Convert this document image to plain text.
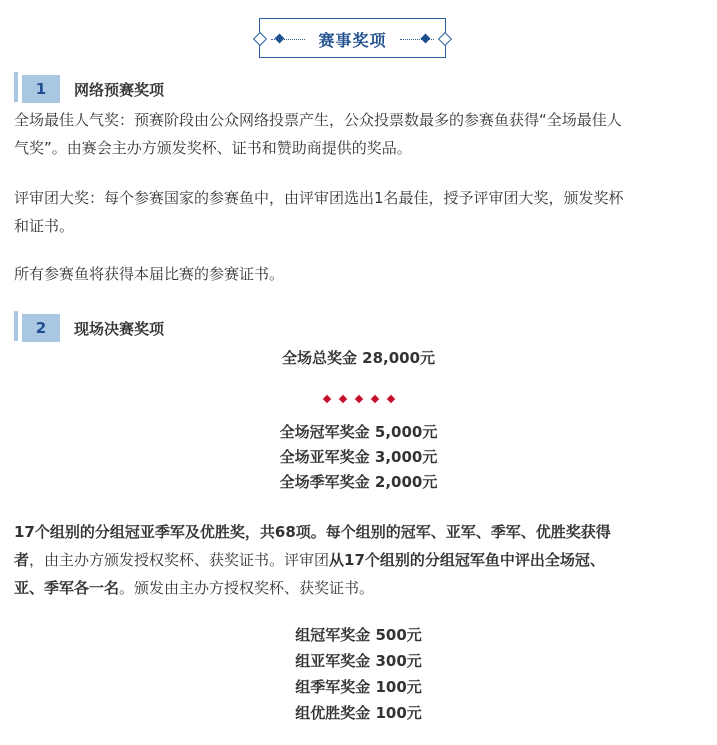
赛事奖项
1	网络预赛奖项
全场最佳人气奖：预赛阶段由公众网络投票产生，公众投票数最多的参赛鱼获得“全场最佳人
气奖”。由赛会主办方颁发奖杯、证书和赞助商提供的奖品。
评审团大奖：每个参赛国家的参赛鱼中，由评审团选出1名最佳，授予评审团大奖，颁发奖杯
和证书。
所有参赛鱼将获得本届比赛的参赛证书。
2	现场决赛奖项
全场总奖金 28,000元
全场冠军奖金 5,000元
全场亚军奖金 3,000元
全场季军奖金 2,000元
17个组别的分组冠亚季军及优胜奖，共68项。每个组别的冠军、亚军、季军、优胜奖获得
者，由主办方颁发授权奖杯、获奖证书。评审团从17个组别的分组冠军鱼中评出全场冠、
亚、季军各一名。颁发由主办方授权奖杯、获奖证书。
组冠军奖金 500元
组亚军奖金 300元
组季军奖金 100元
组优胜奖金 100元
